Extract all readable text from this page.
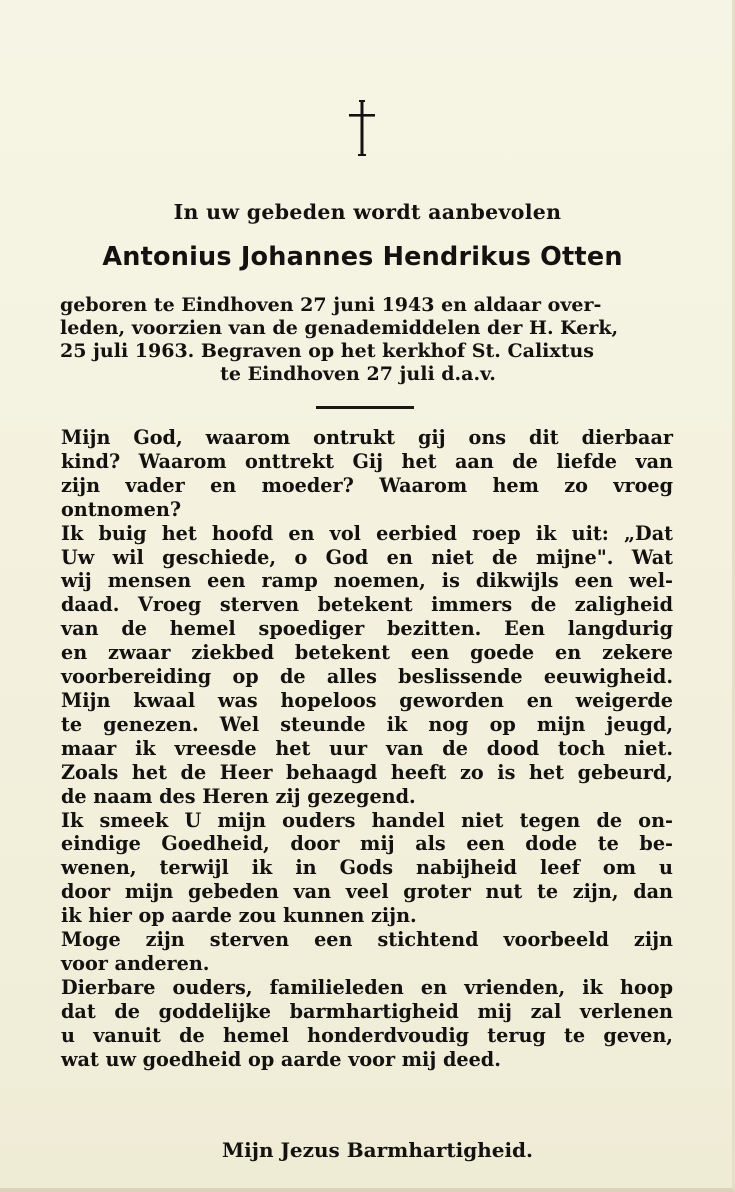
In uw gebeden wordt aanbevolen
Antonius Johannes Hendrikus Otten
geboren te Eindhoven 27 juni 1943 en aldaar over-
leden, voorzien van de genademiddelen der H. Kerk,
25 juli 1963. Begraven op het kerkhof St. Calixtus
te Eindhoven 27 juli d.a.v.
Mijn God, waarom ontrukt gij ons dit dierbaar
kind? Waarom onttrekt Gij het aan de liefde van
zijn vader en moeder? Waarom hem zo vroeg
ontnomen?
Ik buig het hoofd en vol eerbied roep ik uit: „Dat
Uw wil geschiede, o God en niet de mijne". Wat
wij mensen een ramp noemen, is dikwijls een wel-
daad. Vroeg sterven betekent immers de zaligheid
van de hemel spoediger bezitten. Een langdurig
en zwaar ziekbed betekent een goede en zekere
voorbereiding op de alles beslissende eeuwigheid.
Mijn kwaal was hopeloos geworden en weigerde
te genezen. Wel steunde ik nog op mijn jeugd,
maar ik vreesde het uur van de dood toch niet.
Zoals het de Heer behaagd heeft zo is het gebeurd,
de naam des Heren zij gezegend.
Ik smeek U mijn ouders handel niet tegen de on-
eindige Goedheid, door mij als een dode te be-
wenen, terwijl ik in Gods nabijheid leef om u
door mijn gebeden van veel groter nut te zijn, dan
ik hier op aarde zou kunnen zijn.
Moge zijn sterven een stichtend voorbeeld zijn
voor anderen.
Dierbare ouders, familieleden en vrienden, ik hoop
dat de goddelijke barmhartigheid mij zal verlenen
u vanuit de hemel honderdvoudig terug te geven,
wat uw goedheid op aarde voor mij deed.
Mijn Jezus Barmhartigheid.
